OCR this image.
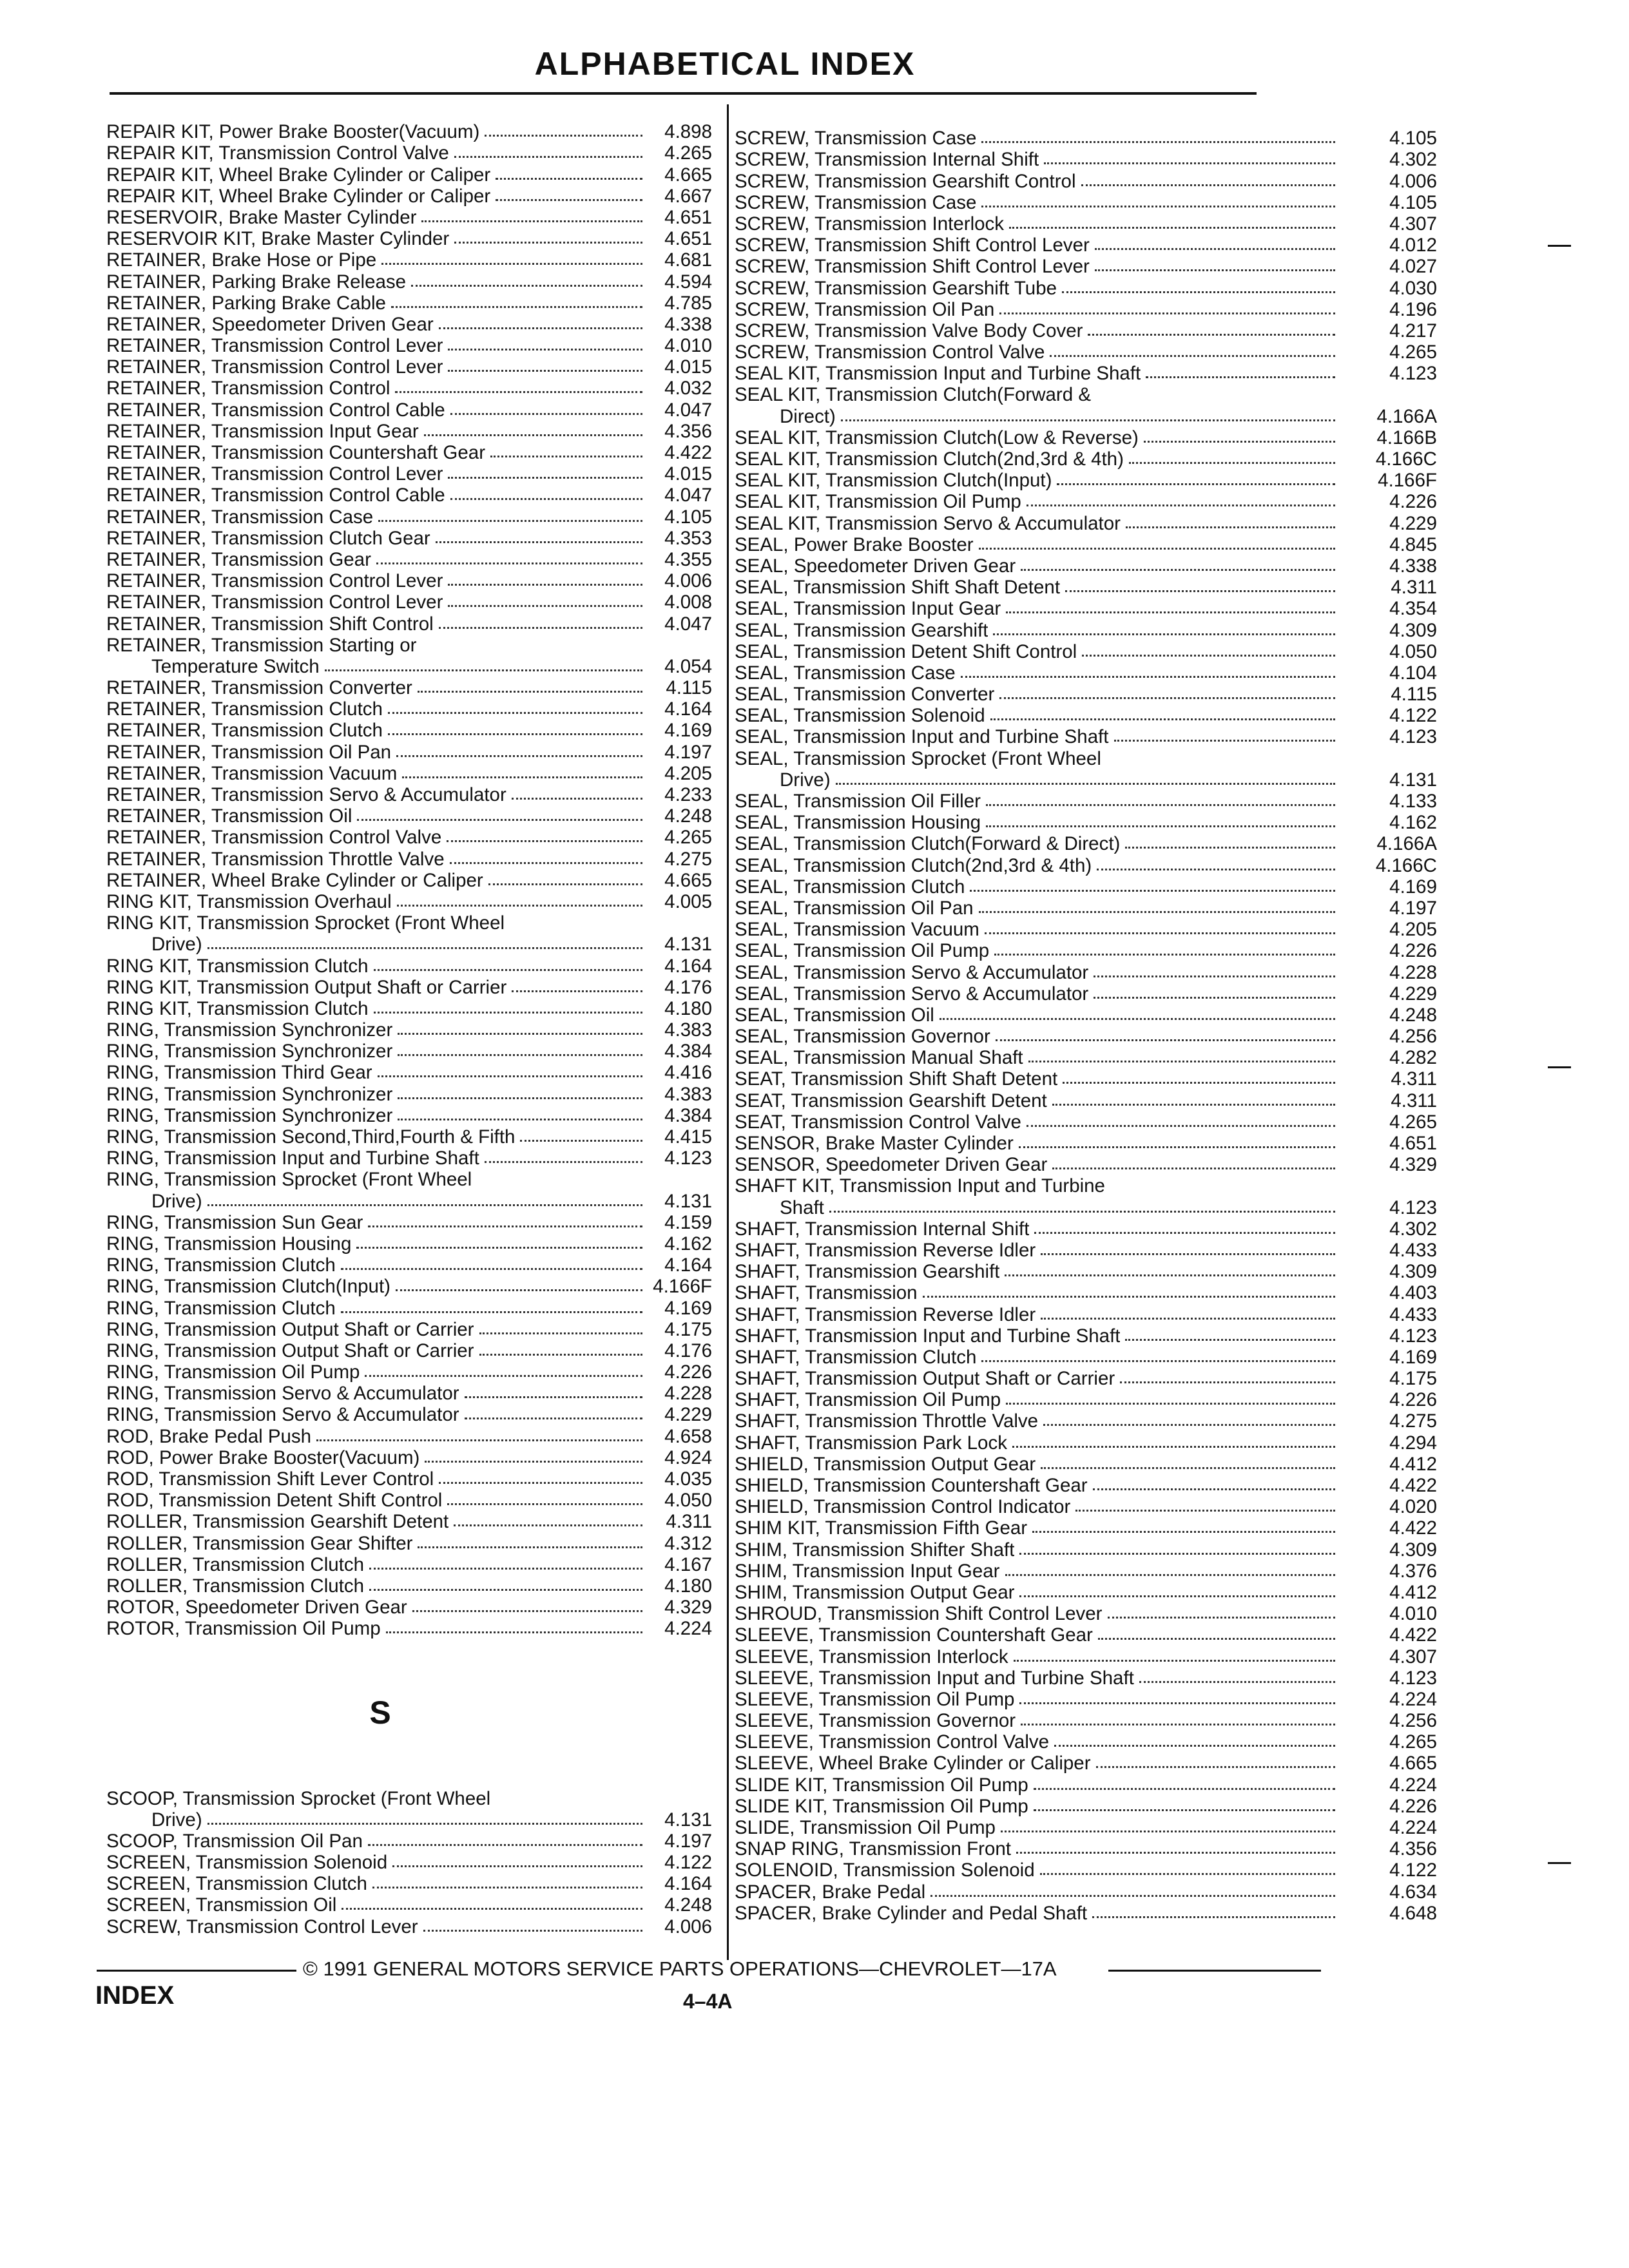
ALPHABETICAL INDEX
REPAIR KIT, Power Brake Booster(Vacuum)	4.898
REPAIR KIT, Transmission Control Valve	4.265
REPAIR KIT, Wheel Brake Cylinder or Caliper	4.665
REPAIR KIT, Wheel Brake Cylinder or Caliper	4.667
RESERVOIR, Brake Master Cylinder	4.651
RESERVOIR KIT, Brake Master Cylinder	4.651
RETAINER, Brake Hose or Pipe	4.681
RETAINER, Parking Brake Release	4.594
RETAINER, Parking Brake Cable	4.785
RETAINER, Speedometer Driven Gear	4.338
RETAINER, Transmission Control Lever	4.010
RETAINER, Transmission Control Lever	4.015
RETAINER, Transmission Control	4.032
RETAINER, Transmission Control Cable	4.047
RETAINER, Transmission Input Gear	4.356
RETAINER, Transmission Countershaft Gear	4.422
RETAINER, Transmission Control Lever	4.015
RETAINER, Transmission Control Cable	4.047
RETAINER, Transmission Case	4.105
RETAINER, Transmission Clutch Gear	4.353
RETAINER, Transmission Gear	4.355
RETAINER, Transmission Control Lever	4.006
RETAINER, Transmission Control Lever	4.008
RETAINER, Transmission Shift Control	4.047
RETAINER, Transmission Starting or
Temperature Switch	4.054
RETAINER, Transmission Converter	4.115
RETAINER, Transmission Clutch	4.164
RETAINER, Transmission Clutch	4.169
RETAINER, Transmission Oil Pan	4.197
RETAINER, Transmission Vacuum	4.205
RETAINER, Transmission Servo & Accumulator	4.233
RETAINER, Transmission Oil	4.248
RETAINER, Transmission Control Valve	4.265
RETAINER, Transmission Throttle Valve	4.275
RETAINER, Wheel Brake Cylinder or Caliper	4.665
RING KIT, Transmission Overhaul	4.005
RING KIT, Transmission Sprocket (Front Wheel
Drive)	4.131
RING KIT, Transmission Clutch	4.164
RING KIT, Transmission Output Shaft or Carrier	4.176
RING KIT, Transmission Clutch	4.180
RING, Transmission Synchronizer	4.383
RING, Transmission Synchronizer	4.384
RING, Transmission Third Gear	4.416
RING, Transmission Synchronizer	4.383
RING, Transmission Synchronizer	4.384
RING, Transmission Second,Third,Fourth & Fifth	4.415
RING, Transmission Input and Turbine Shaft	4.123
RING, Transmission Sprocket (Front Wheel
Drive)	4.131
RING, Transmission Sun Gear	4.159
RING, Transmission Housing	4.162
RING, Transmission Clutch	4.164
RING, Transmission Clutch(Input)	4.166F
RING, Transmission Clutch	4.169
RING, Transmission Output Shaft or Carrier	4.175
RING, Transmission Output Shaft or Carrier	4.176
RING, Transmission Oil Pump	4.226
RING, Transmission Servo & Accumulator	4.228
RING, Transmission Servo & Accumulator	4.229
ROD, Brake Pedal Push	4.658
ROD, Power Brake Booster(Vacuum)	4.924
ROD, Transmission Shift Lever Control	4.035
ROD, Transmission Detent Shift Control	4.050
ROLLER, Transmission Gearshift Detent	4.311
ROLLER, Transmission Gear Shifter	4.312
ROLLER, Transmission Clutch	4.167
ROLLER, Transmission Clutch	4.180
ROTOR, Speedometer Driven Gear	4.329
ROTOR, Transmission Oil Pump	4.224
S
SCOOP, Transmission Sprocket (Front Wheel
Drive)	4.131
SCOOP, Transmission Oil Pan	4.197
SCREEN, Transmission Solenoid	4.122
SCREEN, Transmission Clutch	4.164
SCREEN, Transmission Oil	4.248
SCREW, Transmission Control Lever	4.006
SCREW, Transmission Case	4.105
SCREW, Transmission Internal Shift	4.302
SCREW, Transmission Gearshift Control	4.006
SCREW, Transmission Case	4.105
SCREW, Transmission Interlock	4.307
SCREW, Transmission Shift Control Lever	4.012
SCREW, Transmission Shift Control Lever	4.027
SCREW, Transmission Gearshift Tube	4.030
SCREW, Transmission Oil Pan	4.196
SCREW, Transmission Valve Body Cover	4.217
SCREW, Transmission Control Valve	4.265
SEAL KIT, Transmission Input and Turbine Shaft	4.123
SEAL KIT, Transmission Clutch(Forward &
Direct)	4.166A
SEAL KIT, Transmission Clutch(Low & Reverse)	4.166B
SEAL KIT, Transmission Clutch(2nd,3rd & 4th)	4.166C
SEAL KIT, Transmission Clutch(Input)	4.166F
SEAL KIT, Transmission Oil Pump	4.226
SEAL KIT, Transmission Servo & Accumulator	4.229
SEAL, Power Brake Booster	4.845
SEAL, Speedometer Driven Gear	4.338
SEAL, Transmission Shift Shaft Detent	4.311
SEAL, Transmission Input Gear	4.354
SEAL, Transmission Gearshift	4.309
SEAL, Transmission Detent Shift Control	4.050
SEAL, Transmission Case	4.104
SEAL, Transmission Converter	4.115
SEAL, Transmission Solenoid	4.122
SEAL, Transmission Input and Turbine Shaft	4.123
SEAL, Transmission Sprocket (Front Wheel
Drive)	4.131
SEAL, Transmission Oil Filler	4.133
SEAL, Transmission Housing	4.162
SEAL, Transmission Clutch(Forward & Direct)	4.166A
SEAL, Transmission Clutch(2nd,3rd & 4th)	4.166C
SEAL, Transmission Clutch	4.169
SEAL, Transmission Oil Pan	4.197
SEAL, Transmission Vacuum	4.205
SEAL, Transmission Oil Pump	4.226
SEAL, Transmission Servo & Accumulator	4.228
SEAL, Transmission Servo & Accumulator	4.229
SEAL, Transmission Oil	4.248
SEAL, Transmission Governor	4.256
SEAL, Transmission Manual Shaft	4.282
SEAT, Transmission Shift Shaft Detent	4.311
SEAT, Transmission Gearshift Detent	4.311
SEAT, Transmission Control Valve	4.265
SENSOR, Brake Master Cylinder	4.651
SENSOR, Speedometer Driven Gear	4.329
SHAFT KIT, Transmission Input and Turbine
Shaft	4.123
SHAFT, Transmission Internal Shift	4.302
SHAFT, Transmission Reverse Idler	4.433
SHAFT, Transmission Gearshift	4.309
SHAFT, Transmission	4.403
SHAFT, Transmission Reverse Idler	4.433
SHAFT, Transmission Input and Turbine Shaft	4.123
SHAFT, Transmission Clutch	4.169
SHAFT, Transmission Output Shaft or Carrier	4.175
SHAFT, Transmission Oil Pump	4.226
SHAFT, Transmission Throttle Valve	4.275
SHAFT, Transmission Park Lock	4.294
SHIELD, Transmission Output Gear	4.412
SHIELD, Transmission Countershaft Gear	4.422
SHIELD, Transmission Control Indicator	4.020
SHIM KIT, Transmission Fifth Gear	4.422
SHIM, Transmission Shifter Shaft	4.309
SHIM, Transmission Input Gear	4.376
SHIM, Transmission Output Gear	4.412
SHROUD, Transmission Shift Control Lever	4.010
SLEEVE, Transmission Countershaft Gear	4.422
SLEEVE, Transmission Interlock	4.307
SLEEVE, Transmission Input and Turbine Shaft	4.123
SLEEVE, Transmission Oil Pump	4.224
SLEEVE, Transmission Governor	4.256
SLEEVE, Transmission Control Valve	4.265
SLEEVE, Wheel Brake Cylinder or Caliper	4.665
SLIDE KIT, Transmission Oil Pump	4.224
SLIDE KIT, Transmission Oil Pump	4.226
SLIDE, Transmission Oil Pump	4.224
SNAP RING, Transmission Front	4.356
SOLENOID, Transmission Solenoid	4.122
SPACER, Brake Pedal	4.634
SPACER, Brake Cylinder and Pedal Shaft	4.648
© 1991 GENERAL MOTORS SERVICE PARTS OPERATIONS—CHEVROLET—17A
INDEX	4–4A
